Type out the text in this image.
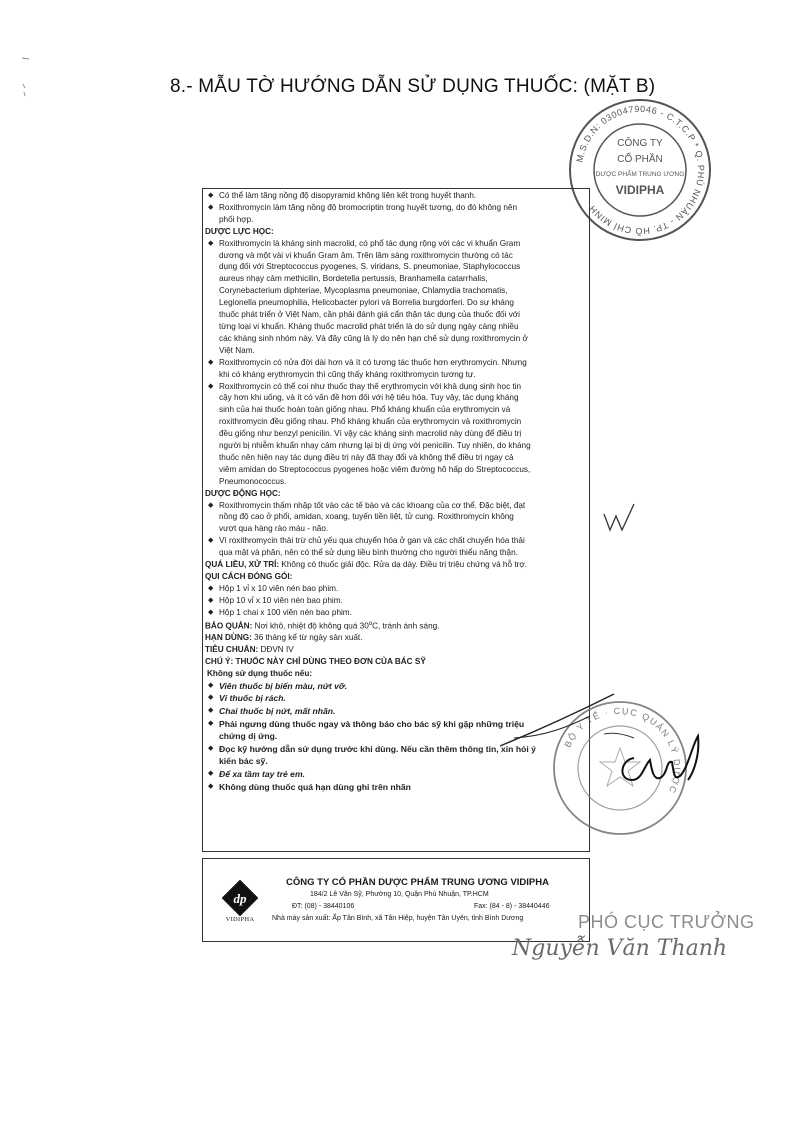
8.- MẪU TỜ HƯỚNG DẪN SỬ DỤNG THUỐC: (MẶT B)
M.S.D.N: 0300479046 - C.T.C.P * Q. PHÚ NHUẬN - TP. HỒ CHÍ MINH
CÔNG TY
CỔ PHẦN
DƯỢC PHẨM TRUNG ƯƠNG
VIDIPHA
◆ Có thể làm tăng nồng độ disopyramid không liên kết trong huyết thanh.
◆ Roxithromycin làm tăng nồng độ bromocriptin trong huyết tương, do đó không nên
phối hợp.
DƯỢC LỰC HỌC:
◆ Roxithromycin là kháng sinh macrolid, có phổ tác dụng rộng với các vi khuẩn Gram
dương và một vài vi khuẩn Gram âm. Trên lâm sàng roxithromycin thường có tác
dụng đối với Streptococcus pyogenes, S. viridans, S. pneumoniae, Staphylococcus
aureus nhạy cảm methicilin, Bordetella pertussis, Branhamella catarrhalis,
Corynebacterium diphteriae, Mycoplasma pneumoniae, Chlamydia trachomatis,
Legionella pneumophilia, Helicobacter pylori và Borrelia burgdorferi. Do sự kháng
thuốc phát triển ở Việt Nam, cần phải đánh giá cẩn thận tác dụng của thuốc đối với
từng loại vi khuẩn. Kháng thuốc macrolid phát triển là do sử dụng ngày càng nhiều
các kháng sinh nhóm này. Và đây cũng là lý do nên hạn chế sử dụng roxithromycin ở
Việt Nam.
◆ Roxithromycin có nửa đời dài hơn và ít có tương tác thuốc hơn erythromycin. Nhưng
khi có kháng erythromycin thì cũng thấy kháng roxithromycin tương tự.
◆ Roxithromycin có thể coi như thuốc thay thế erythromycin với khả dụng sinh học tin
cậy hơn khi uống, và ít có vấn đề hơn đối với hệ tiêu hóa. Tuy vậy, tác dụng kháng
sinh của hai thuốc hoàn toàn giống nhau. Phổ kháng khuẩn của erythromycin và
roxithromycin đều giống nhau. Phổ kháng khuẩn của erythromycin và roxithromycin
đều giống như benzyl penicilin. Vì vậy các kháng sinh macrolid này dùng để điều trị
người bị nhiễm khuẩn nhạy cảm nhưng lại bị dị ứng với penicilin. Tuy nhiên, do kháng
thuốc nên hiện nay tác dụng điều trị này đã thay đổi và không thể điều trị ngay cả
viêm amidan do Streptococcus pyogenes hoặc viêm đường hô hấp do Streptococcus,
Pneumonococcus.
DƯỢC ĐỘNG HỌC:
◆ Roxithromycin thấm nhập tốt vào các tế bào và các khoang của cơ thể. Đặc biệt, đạt
nồng độ cao ở phổi, amidan, xoang, tuyến tiền liệt, tử cung. Roxithromycin không
vượt qua hàng rào máu - não.
◆ Vì roxithromycin thải trừ chủ yếu qua chuyển hóa ở gan và các chất chuyển hóa thải
qua mật và phân, nên có thể sử dụng liều bình thường cho người thiểu năng thận.
QUÁ LIỀU, XỬ TRÍ: Không có thuốc giải độc. Rửa dạ dày. Điều trị triệu chứng và hỗ trợ.
QUI CÁCH ĐÓNG GÓI:
◆ Hộp 1 vỉ x 10 viên nén bao phim.
◆ Hộp 10 vỉ x 10 viên nén bao phim.
◆ Hộp 1 chai x 100 viên nén bao phim.
BẢO QUẢN: Nơi khô, nhiệt độ không quá 30$^o$C, tránh ánh sáng.
HẠN DÙNG: 36 tháng kể từ ngày sản xuất.
TIÊU CHUẨN: DĐVN IV
CHÚ Ý: THUỐC NÀY CHỈ DÙNG THEO ĐƠN CỦA BÁC SỸ
Không sử dụng thuốc nếu:
◆ Viên thuốc bị biến màu, nứt vỡ.
◆ Vỉ thuốc bị rách.
◆ Chai thuốc bị nứt, mất nhãn.
◆ Phải ngưng dùng thuốc ngay và thông báo cho bác sỹ khi gặp những triệu
chứng dị ứng.
◆ Đọc kỹ hướng dẫn sử dụng trước khi dùng. Nếu cần thêm thông tin, xin hỏi ý
kiến bác sỹ.
◆ Để xa tầm tay trẻ em.
◆ Không dùng thuốc quá hạn dùng ghi trên nhãn
BỘ Y TẾ · CỤC QUẢN LÝ DƯỢC
dp
VIDIPHA
CÔNG TY CỔ PHẦN DƯỢC PHẨM TRUNG ƯƠNG VIDIPHA
184/2 Lê Văn Sỹ, Phường 10, Quận Phú Nhuận, TP.HCM
ĐT: (08) - 38440106	Fax: (84 - 8) - 38440446
Nhà máy sản xuất: Ấp Tân Bình, xã Tân Hiệp, huyện Tân Uyên, tỉnh Bình Dương	PHÓ CỤC TRƯỞNG
Nguyễn Văn Thanh
